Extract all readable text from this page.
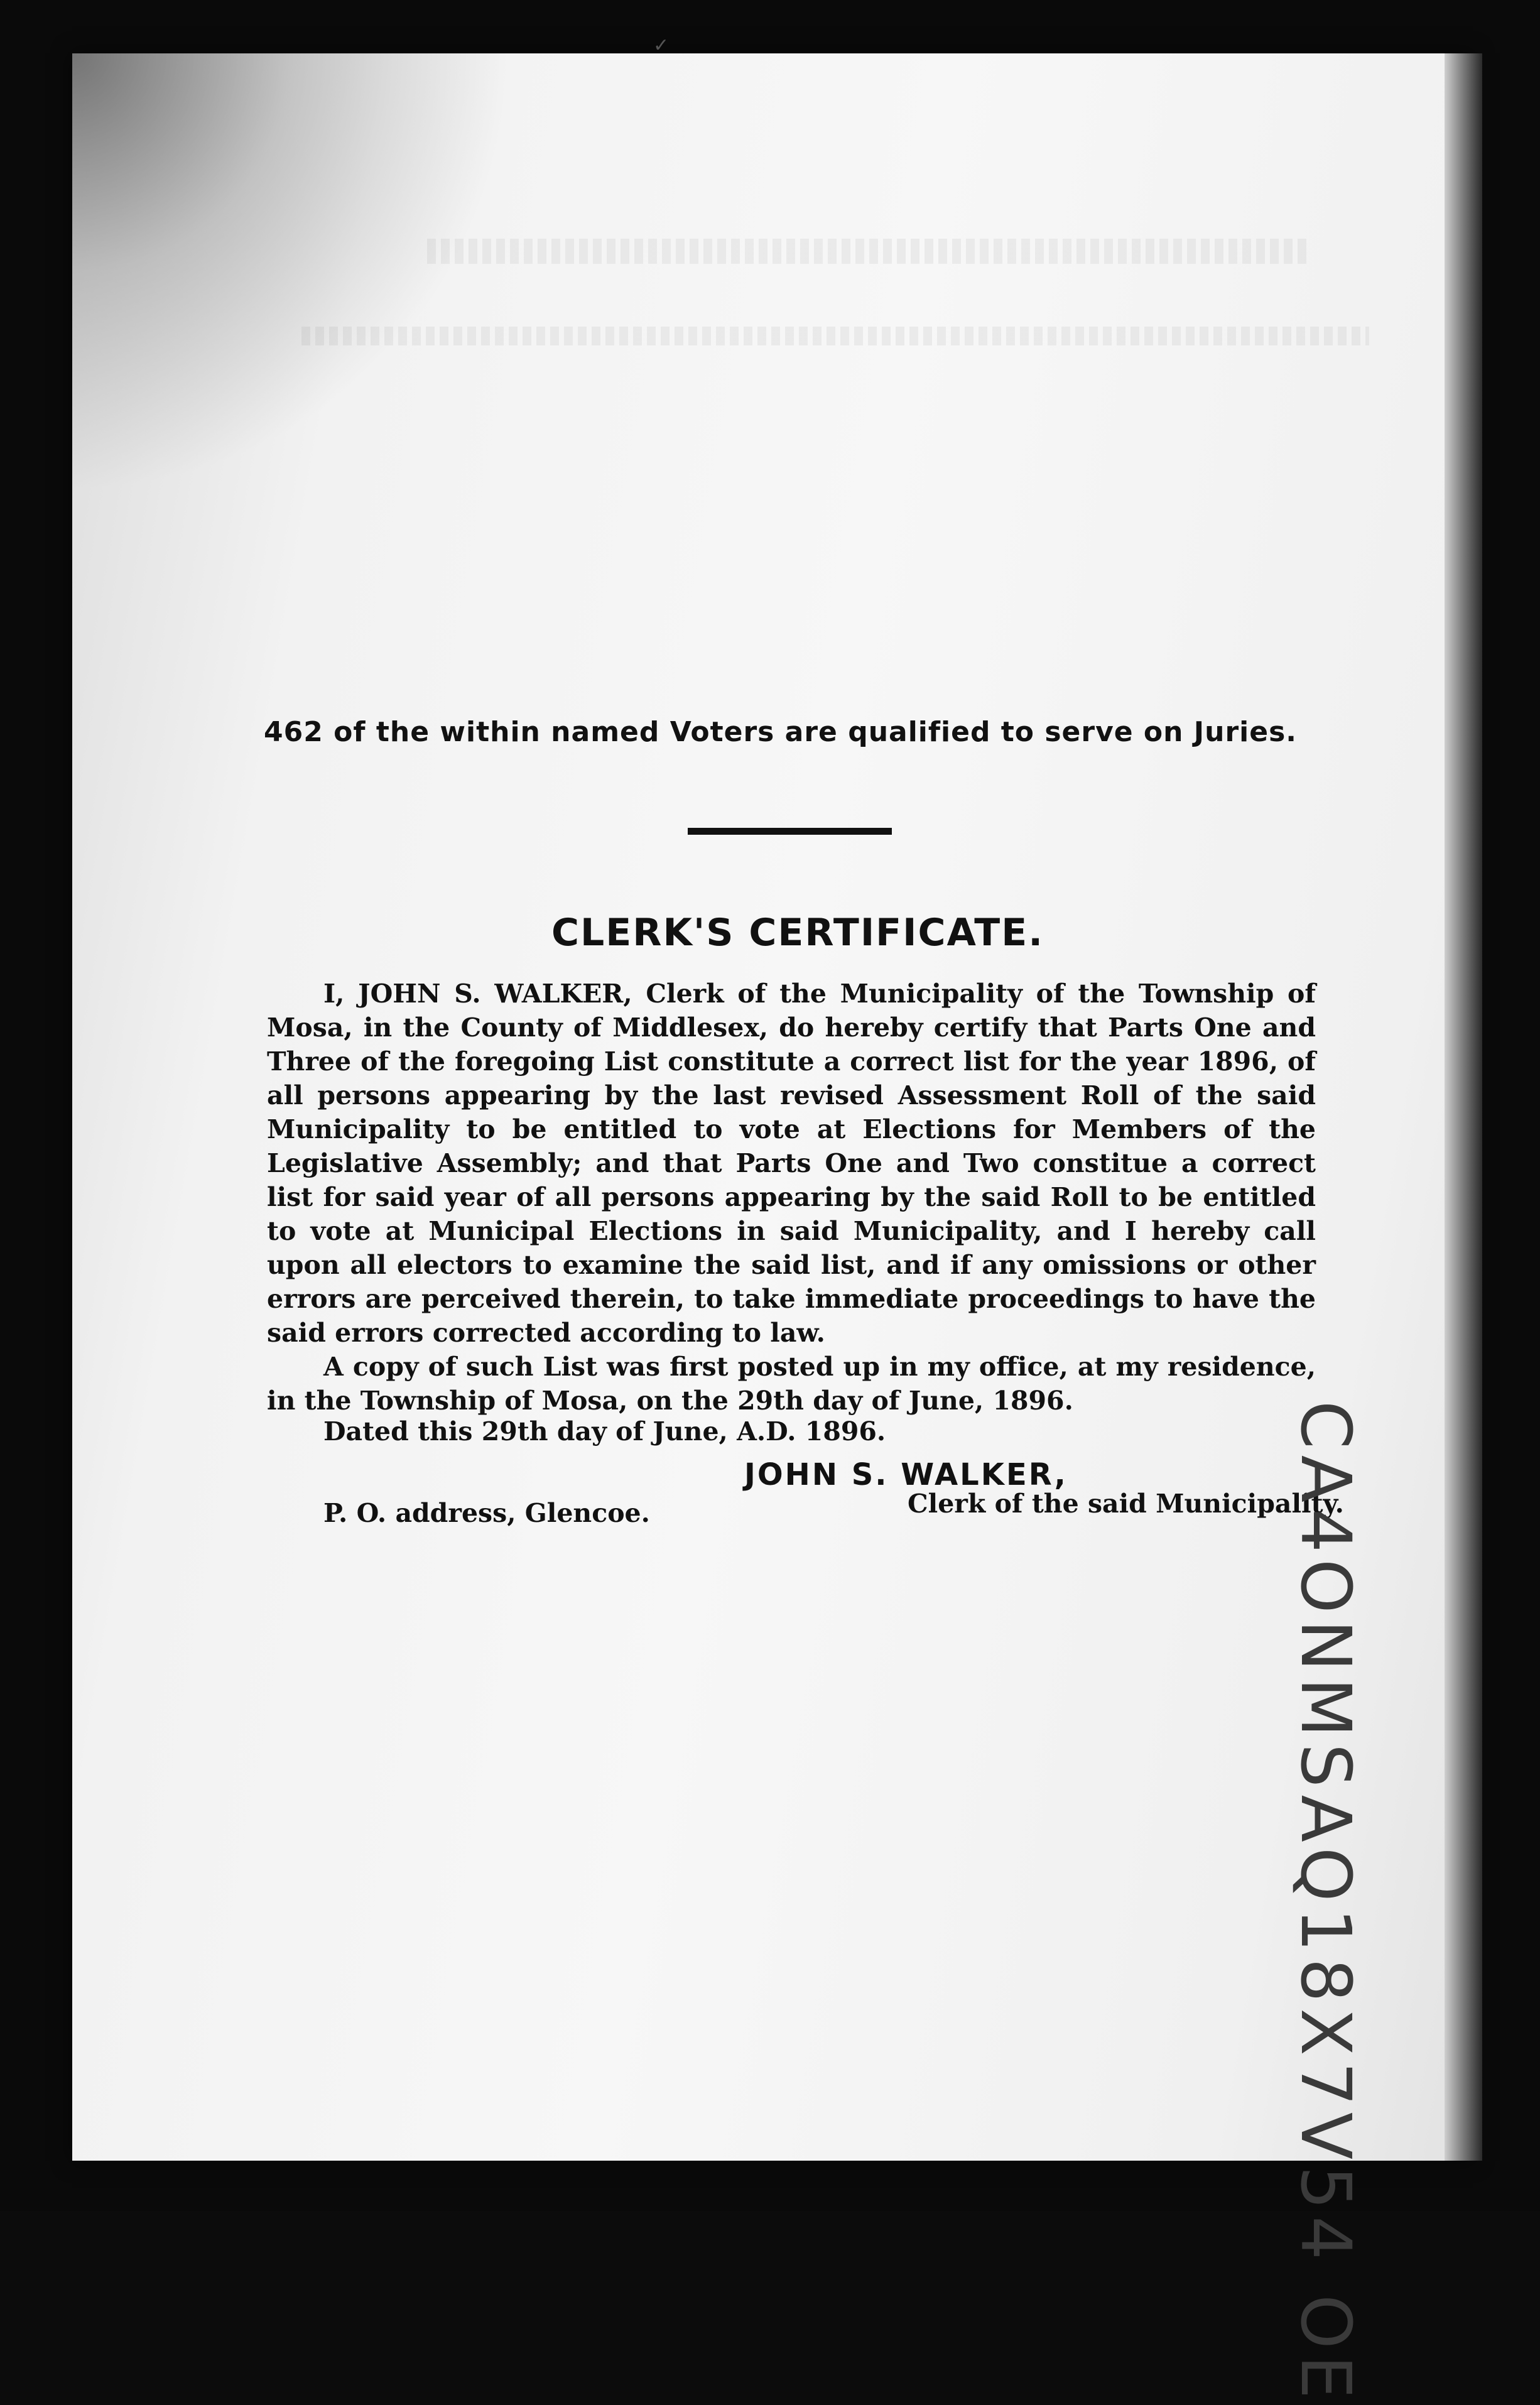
✓
462 of the within named Voters are qualified to serve on Juries.
CLERK'S CERTIFICATE.

I, JOHN S. WALKER, Clerk of the Municipality of the Township of Mosa, in the County of Middlesex, do hereby certify that Parts One and Three of the foregoing List constitute a correct list for the year 1896, of all persons appearing by the last revised Assessment Roll of the said Municipality to be entitled to vote at Elections for Members of the Legislative Assembly; and that Parts One and Two constitue a correct list for said year of all persons appearing by the said Roll to be entitled to vote at Municipal Elections in said Municipality, and I hereby call upon all electors to examine the said list, and if any omissions or other errors are perceived therein, to take immediate proceedings to have the said errors corrected according to law.

A copy of such List was first posted up in my office, at my residence, in the Township of Mosa, on the 29th day of June, 1896.

Dated this 29th day of June, A.D. 1896.
JOHN S. WALKER,
P. O. address, Glencoe.	Clerk of the said Municipality.
CA4ONMSAQ18X7V54 OE
